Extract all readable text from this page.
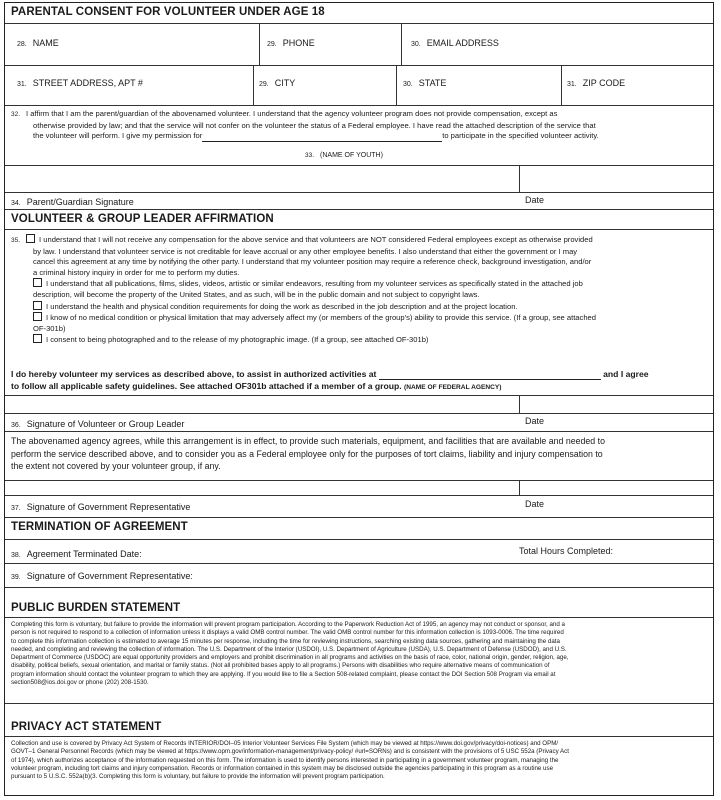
PARENTAL CONSENT FOR VOLUNTEER UNDER AGE 18
28. NAME	29. PHONE	30. EMAIL ADDRESS
31. STREET ADDRESS, APT #	29. CITY	30. STATE	31. ZIP CODE
32. I affirm that I am the parent/guardian of the abovenamed volunteer. I understand that the agency volunteer program does not provide compensation, except as
otherwise provided by law; and that the service will not confer on the volunteer the status of a Federal employee. I have read the attached description of the service that
the volunteer will perform. I give my permission for	to participate in the specified volunteer activity.
33. (NAME OF YOUTH)
34. Parent/Guardian Signature	Date
VOLUNTEER & GROUP LEADER AFFIRMATION
35.	I understand that I will not receive any compensation for the above service and that volunteers are NOT considered Federal employees except as otherwise provided
by law. I understand that volunteer service is not creditable for leave accrual or any other employee benefits. I also understand that either the government or I may
cancel this agreement at any time by notifying the other party. I understand that my volunteer position may require a reference check, background investigation, and/or
a criminal history inquiry in order for me to perform my duties.
I understand that all publications, films, slides, videos, artistic or similar endeavors, resulting from my volunteer services as specifically stated in the attached job
description, will become the property of the United States, and as such, will be in the public domain and not subject to copyright laws.
I understand the health and physical condition requirements for doing the work as described in the job description and at the project location.
I know of no medical condition or physical limitation that may adversely affect my (or members of the group's) ability to provide this service. (If a group, see attached
OF-301b)
I consent to being photographed and to the release of my photographic image. (If a group, see attached OF-301b)
I do hereby volunteer my services as described above, to assist in authorized activities at	and I agree
to follow all applicable safety guidelines. See attached OF301b attached if a member of a group. (NAME OF FEDERAL AGENCY)
36. Signature of Volunteer or Group Leader	Date
The abovenamed agency agrees, while this arrangement is in effect, to provide such materials, equipment, and facilities that are available and needed to
perform the service described above, and to consider you as a Federal employee only for the purposes of tort claims, liability and injury compensation to
the extent not covered by your volunteer group, if any.
37. Signature of Government Representative	Date
TERMINATION OF AGREEMENT
38. Agreement Terminated Date:	Total Hours Completed:
39. Signature of Government Representative:
PUBLIC BURDEN STATEMENT
Completing this form is voluntary, but failure to provide the information will prevent program participation. According to the Paperwork Reduction Act of 1995, an agency may not conduct or sponsor, and a
person is not required to respond to a collection of information unless it displays a valid OMB control number. The valid OMB control number for this information collection is 1093-0006. The time required
to complete this information collection is estimated to average 15 minutes per response, including the time for reviewing instructions, searching existing data sources, gathering and maintaining the data
needed, and completing and reviewing the collection of information. The U.S. Department of the Interior (USDOI), U.S. Department of Agriculture (USDA), U.S. Department of Defense (USDOD), and U.S.
Department of Commerce (USDOC) are equal opportunity providers and employers and prohibit discrimination in all programs and activities on the basis of race, color, national origin, gender, religion, age,
disability, political beliefs, sexual orientation, and marital or family status. (Not all prohibited bases apply to all programs.) Persons with disabilities who require alternative means of communication of
program information should contact the volunteer program to which they are applying. If you would like to file a Section 508-related complaint, please contact the DOI Section 508 Program via email at
section508@ios.doi.gov or phone (202) 208-1530.
PRIVACY ACT STATEMENT
Collection and use is covered by Privacy Act System of Records INTERIOR/DOI–05 Interior Volunteer Services File System (which may be viewed at https://www.doi.gov/privacy/doi-notices) and OPM/
GOVT–1 General Personnel Records (which may be viewed at https://www.opm.gov/information-management/privacy-policy/ #url=SORNs) and is consistent with the provisions of 5 USC 552a (Privacy Act
of 1974), which authorizes acceptance of the information requested on this form. The information is used to identify persons interested in participating in a government volunteer program, managing the
volunteer program, including tort claims and injury compensation. Records or information contained in this system may be disclosed outside the agencies participating in this program as a routine use
pursuant to 5 U.S.C. 552a(b)(3. Completing this form is voluntary, but failure to provide the information will prevent program participation.
